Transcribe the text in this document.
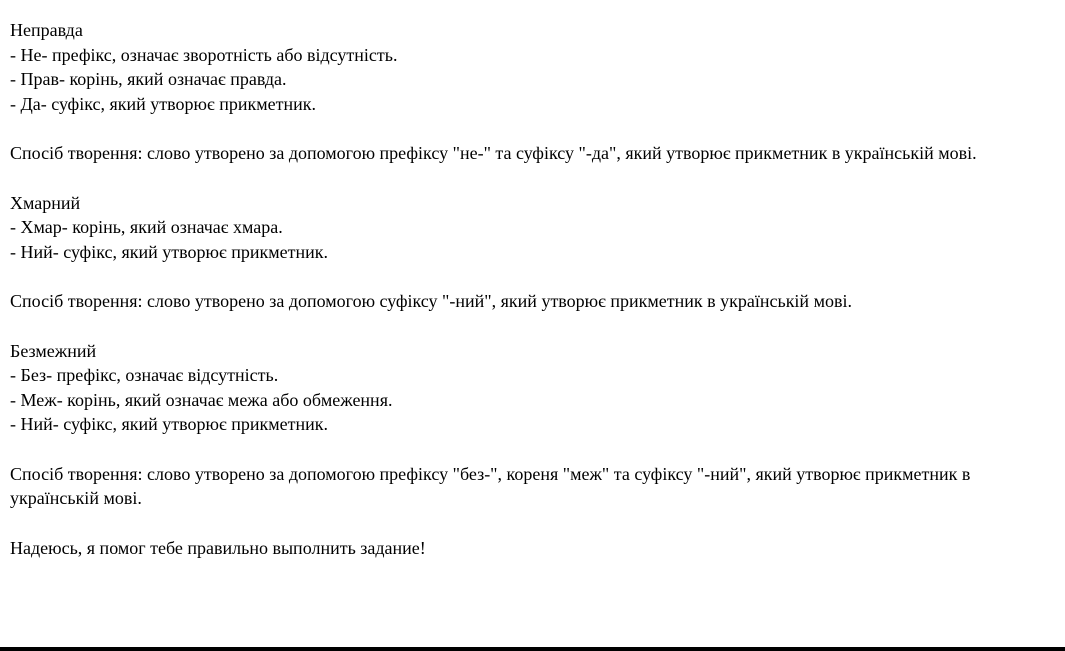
Неправда
- Не- префікс, означає зворотність або відсутність.
- Прав- корінь, який означає правда.
- Да- суфікс, який утворює прикметник.
Спосіб творення: слово утворено за допомогою префіксу "не-" та суфіксу "-да", який утворює прикметник в українській мові.
Хмарний
- Хмар- корінь, який означає хмара.
- Ний- суфікс, який утворює прикметник.
Спосіб творення: слово утворено за допомогою суфіксу "-ний", який утворює прикметник в українській мові.
Безмежний
- Без- префікс, означає відсутність.
- Меж- корінь, який означає межа або обмеження.
- Ний- суфікс, який утворює прикметник.
Спосіб творення: слово утворено за допомогою префіксу "без-", кореня "меж" та суфіксу "-ний", який утворює прикметник в українській мові.
Надеюсь, я помог тебе правильно выполнить задание!
